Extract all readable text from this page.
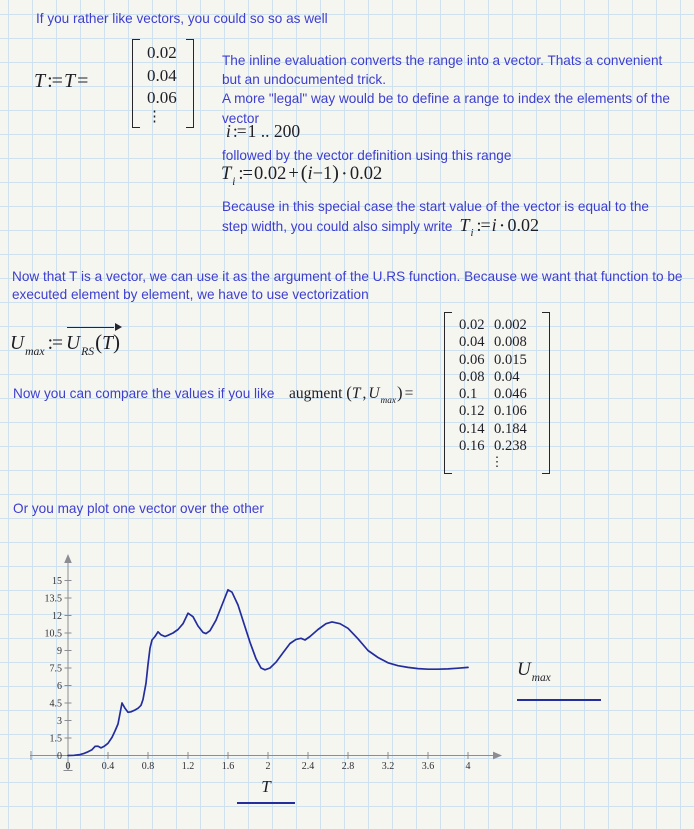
If you rather like vectors, you could so so as well
T := T =
0.02
0.04
0.06
⋮
The inline evaluation converts the range into a vector. Thats a convenient
but an undocumented trick.
A more "legal" way would be to define a range to index the elements of the
vector
i := 1 .. 200
followed by the vector definition using this range
$T_i$ := 0.02 + (i−1) · 0.02
Because in this special case the start value of the vector is equal to the
step width, you could also simply write $T_i$ := i · 0.02
Now that T is a vector, we can use it as the argument of the U.RS function. Because we want that function to be
executed element by element, we have to use vectorization
$U_{max}$ := $U_{RS}(T)$
Now you can compare the values if you like augment (T , $U_{max}$) =
0.02 0.002
0.04 0.008
0.06 0.015
0.08 0.04
0.1 0.046
0.12 0.106
0.14 0.184
0.16 0.238
⋮
Or you may plot one vector over the other
0	0.4	0.8	1.2	1.6	2	2.4	2.8	3.2	3.6	4
0
1.5
3
4.5
6
7.5
9
10.5
12
13.5
15
$U_{max}$
T
